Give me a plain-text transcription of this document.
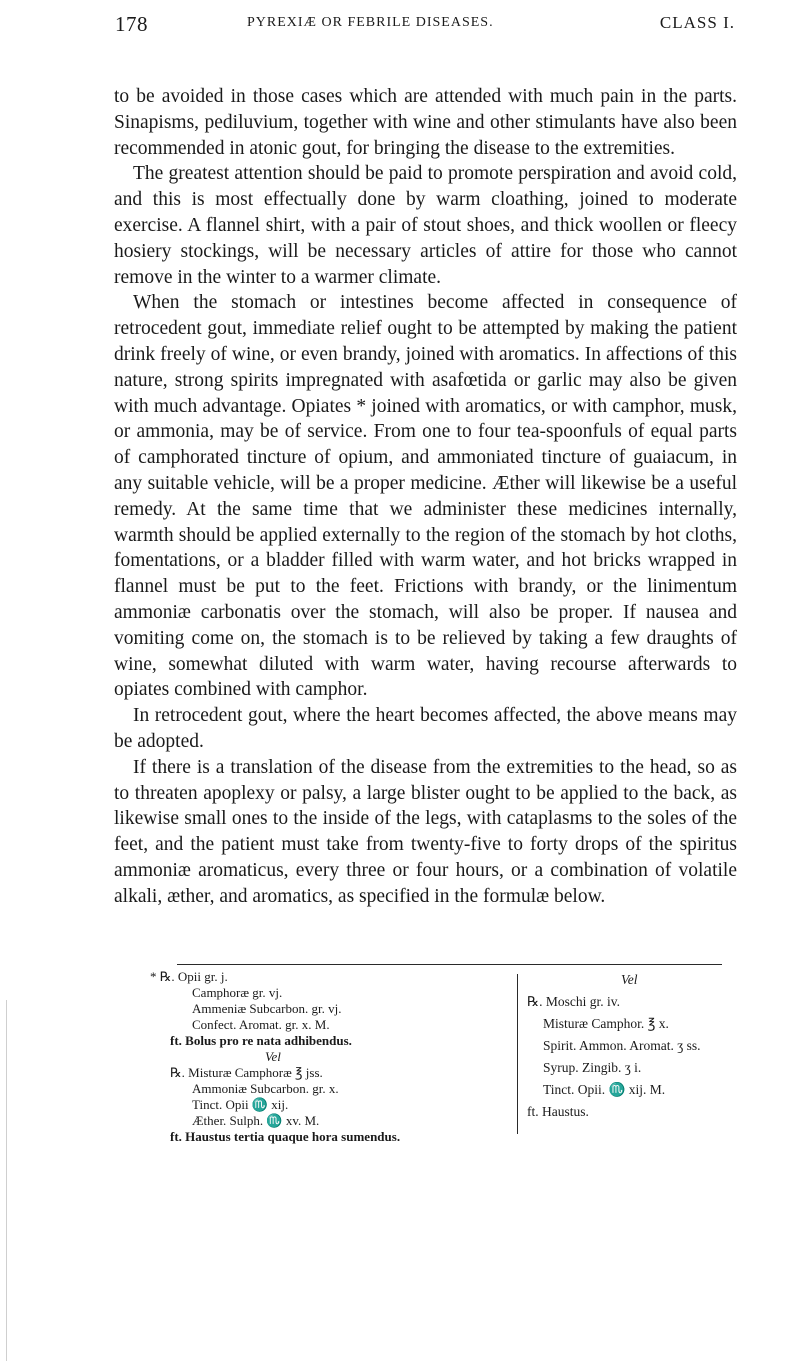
178	PYREXIÆ OR FEBRILE DISEASES.	CLASS I.

to be avoided in those cases which are attended with much pain in the parts. Sinapisms, pediluvium, together with wine and other stimulants have also been recommended in atonic gout, for bringing the disease to the extremities.

The greatest attention should be paid to promote perspiration and avoid cold, and this is most effectually done by warm cloathing, joined to moderate exercise. A flannel shirt, with a pair of stout shoes, and thick woollen or fleecy hosiery stockings, will be necessary articles of attire for those who cannot remove in the winter to a warmer climate.

When the stomach or intestines become affected in consequence of retrocedent gout, immediate relief ought to be attempted by making the patient drink freely of wine, or even brandy, joined with aromatics. In affections of this nature, strong spirits impregnated with asafœtida or garlic may also be given with much advantage. Opiates * joined with aromatics, or with camphor, musk, or ammonia, may be of service. From one to four tea-spoonfuls of equal parts of camphorated tincture of opium, and ammoniated tincture of guaiacum, in any suitable vehicle, will be a proper medicine. Æther will likewise be a useful remedy. At the same time that we administer these medicines internally, warmth should be applied externally to the region of the stomach by hot cloths, fomentations, or a bladder filled with warm water, and hot bricks wrapped in flannel must be put to the feet. Frictions with brandy, or the linimentum ammoniæ carbonatis over the stomach, will also be proper. If nausea and vomiting come on, the stomach is to be relieved by taking a few draughts of wine, somewhat diluted with warm water, having recourse afterwards to opiates combined with camphor.

In retrocedent gout, where the heart becomes affected, the above means may be adopted.

If there is a translation of the disease from the extremities to the head, so as to threaten apoplexy or palsy, a large blister ought to be applied to the back, as likewise small ones to the inside of the legs, with cataplasms to the soles of the feet, and the patient must take from twenty-five to forty drops of the spiritus ammoniæ aromaticus, every three or four hours, or a combination of volatile alkali, æther, and aromatics, as specified in the formulæ below.

* ℞. Opii gr. j.
Camphoræ gr. vj.
Ammeniæ Subcarbon. gr. vj.
Confect. Aromat. gr. x. M.
ft. Bolus pro re nata adhibendus.
Vel
℞. Misturæ Camphoræ ℥ jss.
Ammoniæ Subcarbon. gr. x.
Tinct. Opii ♏ xij.
Æther. Sulph. ♏ xv. M.
ft. Haustus tertia quaque hora sumendus.
Vel
℞. Moschi gr. iv.
Misturæ Camphor. ℥ x.
Spirit. Ammon. Aromat. ʒ ss.
Syrup. Zingib. ʒ i.
Tinct. Opii. ♏ xij. M.
ft. Haustus.
